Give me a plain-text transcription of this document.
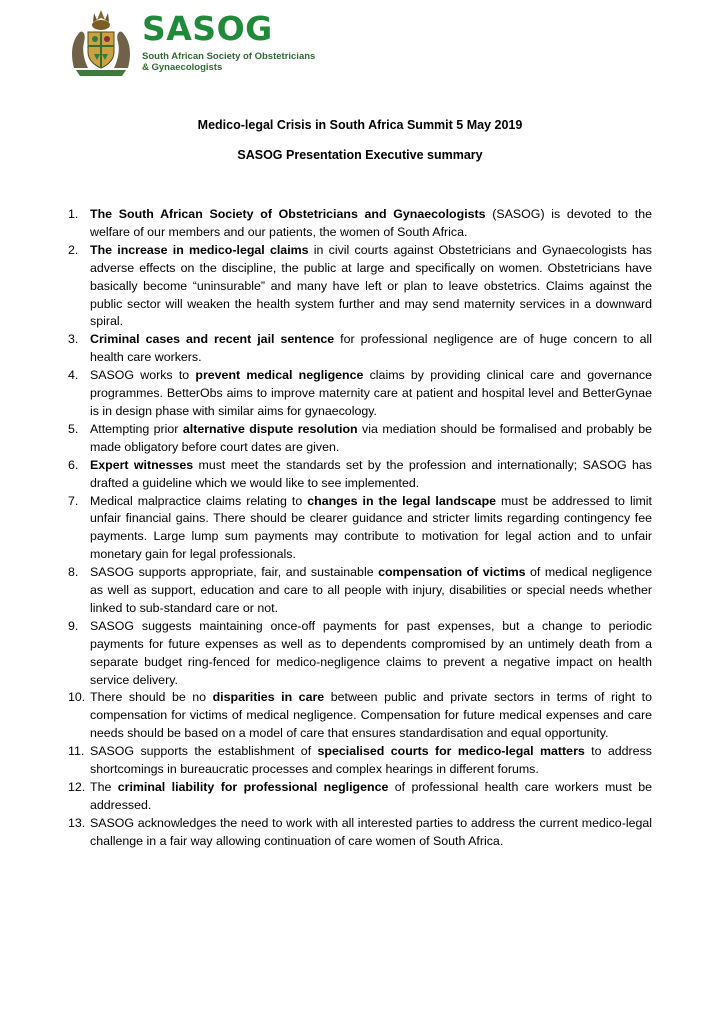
SASOG
South African Society of Obstetricians & Gynaecologists
Medico-legal Crisis in South Africa Summit 5 May 2019
SASOG Presentation Executive summary
1. The South African Society of Obstetricians and Gynaecologists (SASOG) is devoted to the welfare of our members and our patients, the women of South Africa.
2. The increase in medico-legal claims in civil courts against Obstetricians and Gynaecologists has adverse effects on the discipline, the public at large and specifically on women. Obstetricians have basically become “uninsurable” and many have left or plan to leave obstetrics. Claims against the public sector will weaken the health system further and may send maternity services in a downward spiral.
3. Criminal cases and recent jail sentence for professional negligence are of huge concern to all health care workers.
4. SASOG works to prevent medical negligence claims by providing clinical care and governance programmes. BetterObs aims to improve maternity care at patient and hospital level and BetterGynae is in design phase with similar aims for gynaecology.
5. Attempting prior alternative dispute resolution via mediation should be formalised and probably be made obligatory before court dates are given.
6. Expert witnesses must meet the standards set by the profession and internationally; SASOG has drafted a guideline which we would like to see implemented.
7. Medical malpractice claims relating to changes in the legal landscape must be addressed to limit unfair financial gains. There should be clearer guidance and stricter limits regarding contingency fee payments. Large lump sum payments may contribute to motivation for legal action and to unfair monetary gain for legal professionals.
8. SASOG supports appropriate, fair, and sustainable compensation of victims of medical negligence as well as support, education and care to all people with injury, disabilities or special needs whether linked to sub-standard care or not.
9. SASOG suggests maintaining once-off payments for past expenses, but a change to periodic payments for future expenses as well as to dependents compromised by an untimely death from a separate budget ring-fenced for medico-negligence claims to prevent a negative impact on health service delivery.
10. There should be no disparities in care between public and private sectors in terms of right to compensation for victims of medical negligence. Compensation for future medical expenses and care needs should be based on a model of care that ensures standardisation and equal opportunity.
11. SASOG supports the establishment of specialised courts for medico-legal matters to address shortcomings in bureaucratic processes and complex hearings in different forums.
12. The criminal liability for professional negligence of professional health care workers must be addressed.
13. SASOG acknowledges the need to work with all interested parties to address the current medico-legal challenge in a fair way allowing continuation of care women of South Africa.
